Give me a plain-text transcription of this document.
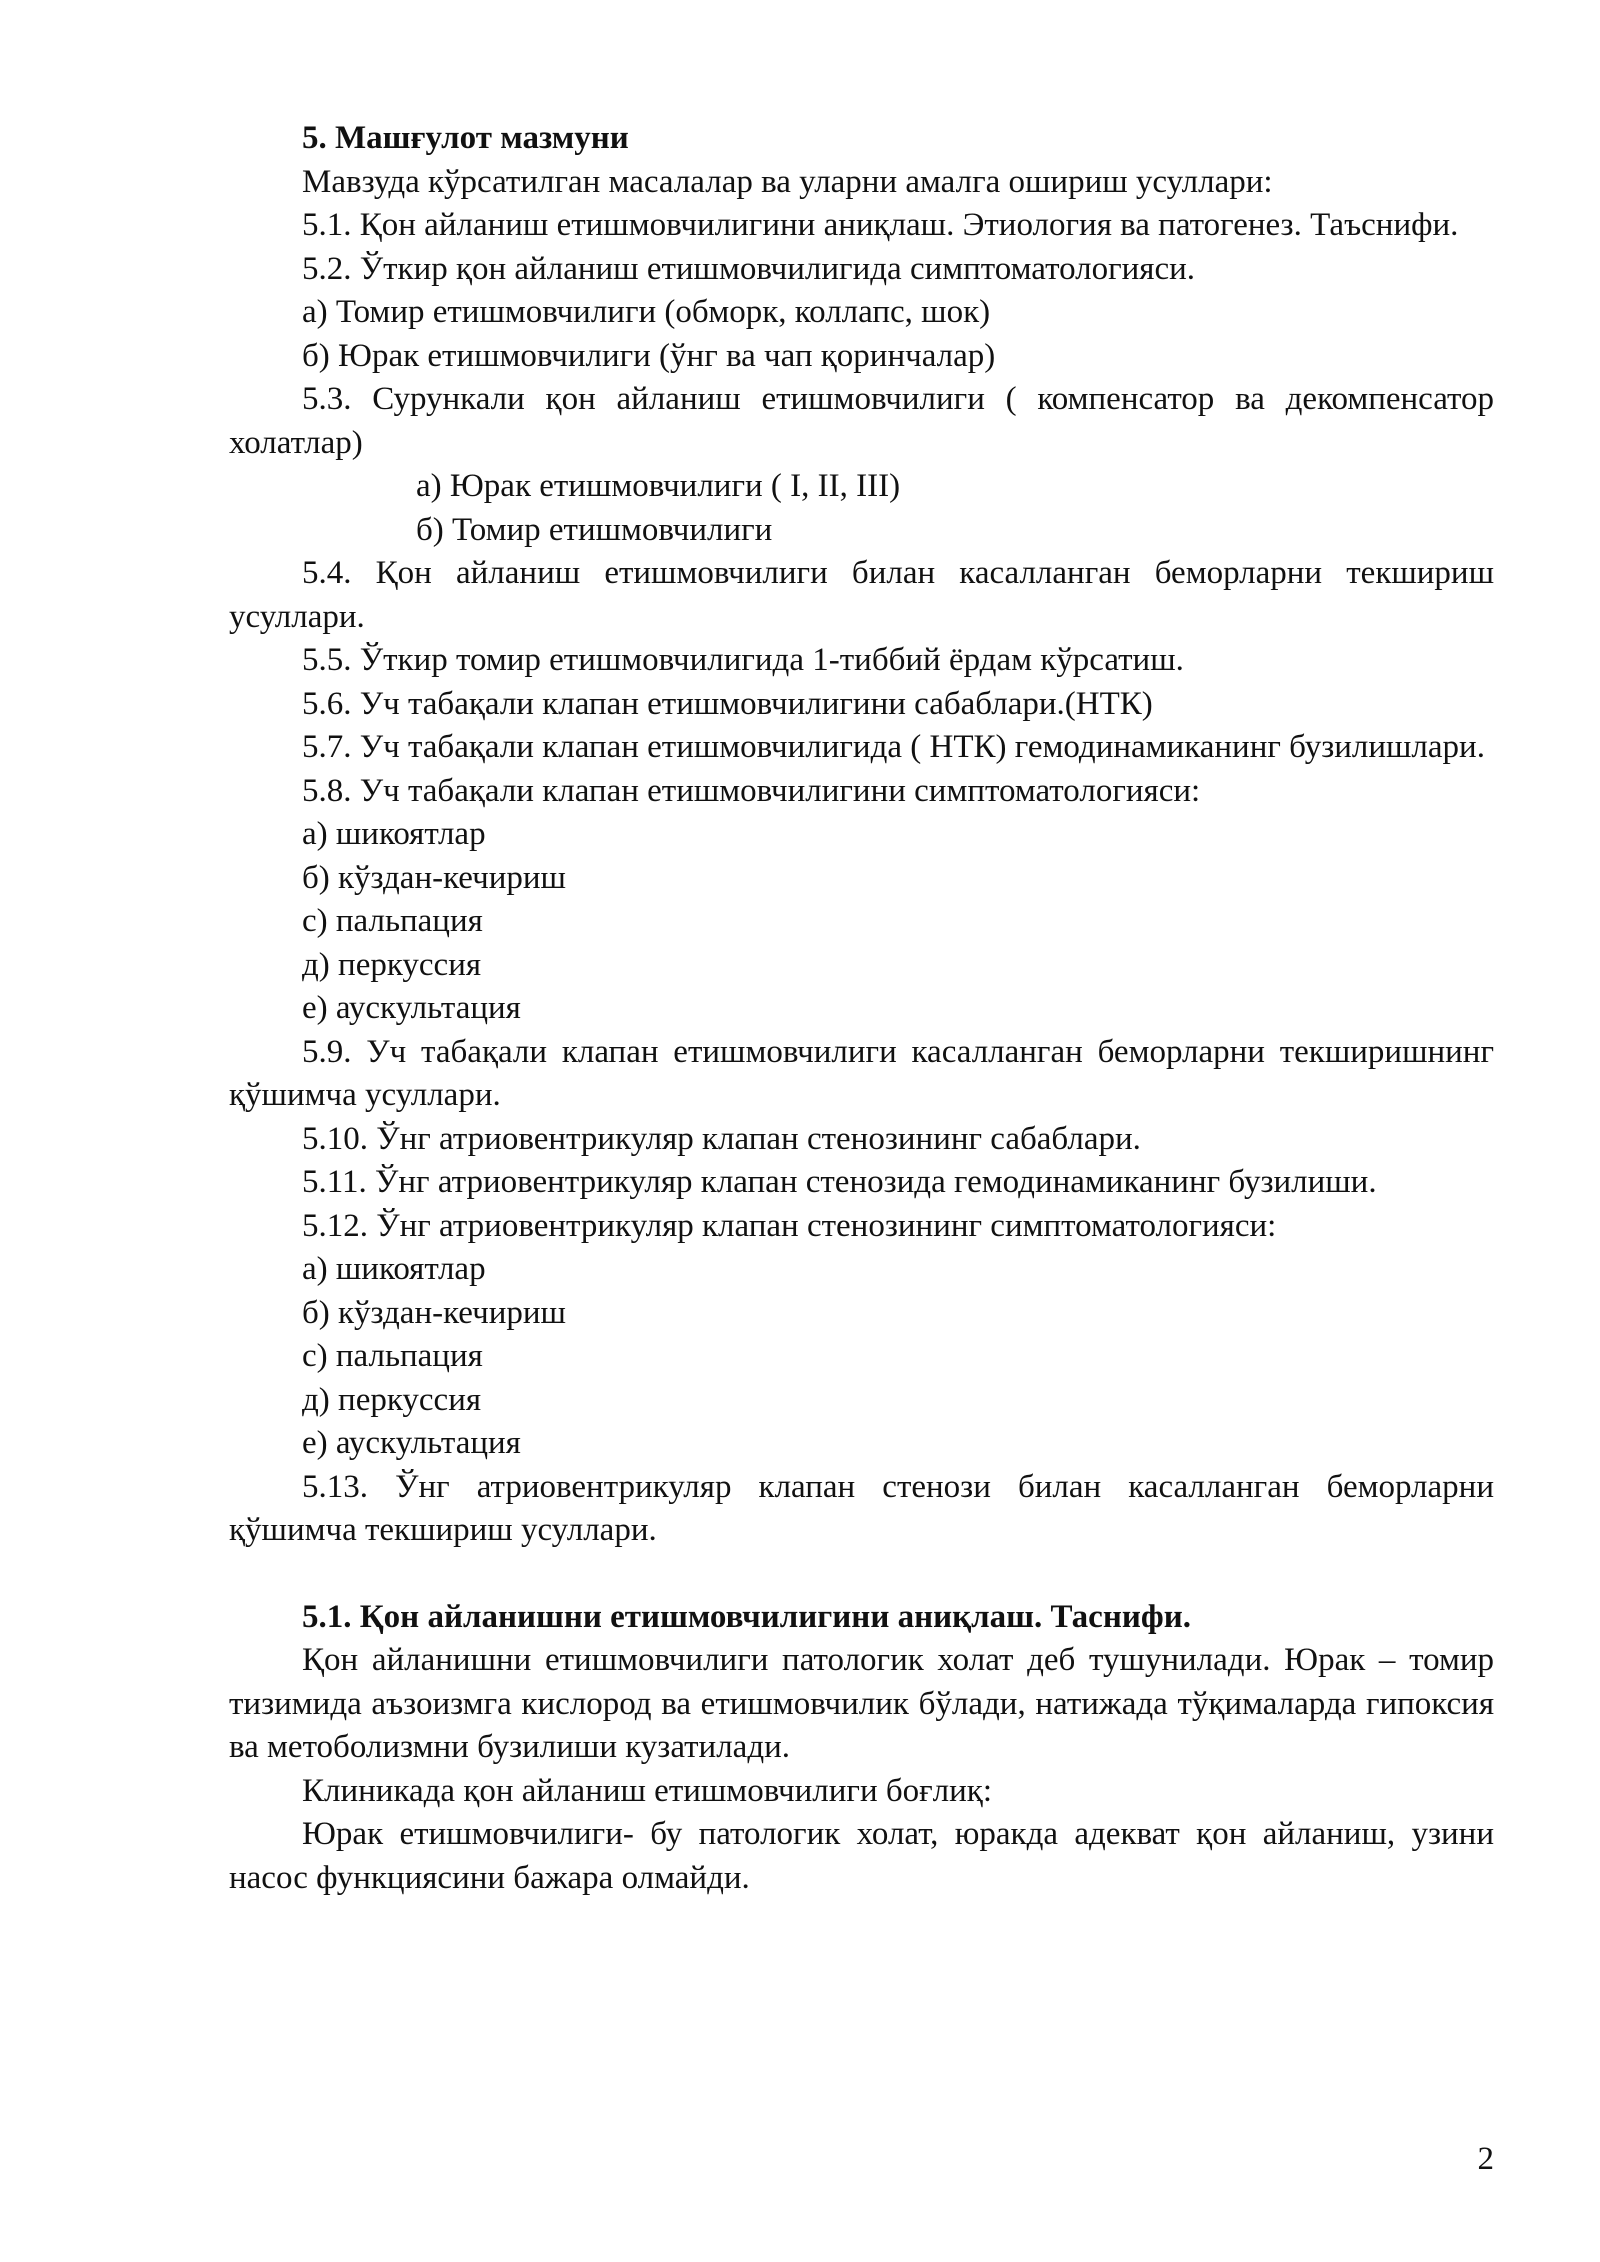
5. Машғулот мазмуни

Мавзуда кўрсатилган масалалар ва уларни амалга ошириш усуллари:

5.1. Қон айланиш етишмовчилигини аниқлаш. Этиология ва патогенез. Таъснифи.

5.2. Ўткир қон айланиш етишмовчилигида симптоматологияси.

а) Томир етишмовчилиги (обморк, коллапс, шок)

б) Юрак етишмовчилиги (ўнг ва чап қоринчалар)

5.3. Сурункали қон айланиш етишмовчилиги ( компенсатор ва декомпенсатор холатлар)

а) Юрак етишмовчилиги ( I, II, III)

б) Томир етишмовчилиги

5.4. Қон айланиш етишмовчилиги билан касалланган беморларни текшириш усуллари.

5.5. Ўткир томир етишмовчилигида 1-тиббий ёрдам кўрсатиш.

5.6. Уч табақали клапан етишмовчилигини сабаблари.(НТК)

5.7. Уч табақали клапан етишмовчилигида ( НТК) гемодинамиканинг бузилишлари.

5.8. Уч табақали клапан етишмовчилигини симптоматологияси:

а) шикоятлар

б) кўздан-кечириш

с) пальпация

д) перкуссия

е) аускультация

5.9. Уч табақали клапан етишмовчилиги касалланган беморларни текширишнинг қўшимча усуллари.

5.10. Ўнг атриовентрикуляр клапан стенозининг сабаблари.

5.11. Ўнг атриовентрикуляр клапан стенозида гемодинамиканинг бузилиши.

5.12. Ўнг атриовентрикуляр клапан стенозининг симптоматологияси:

а) шикоятлар

б) кўздан-кечириш

с) пальпация

д) перкуссия

е) аускультация

5.13. Ўнг атриовентрикуляр клапан стенози билан касалланган беморларни қўшимча текшириш усуллари.

5.1. Қон айланишни етишмовчилигини аниқлаш. Таснифи.

Қон айланишни етишмовчилиги патологик холат деб тушунилади. Юрак – томир тизимида аъзоизмга кислород ва етишмовчилик бўлади, натижада тўқималарда гипоксия ва метоболизмни бузилиши кузатилади.

Клиникада қон айланиш етишмовчилиги боғлиқ:

Юрак етишмовчилиги- бу патологик холат, юракда адекват қон айланиш, узини насос функциясини бажара олмайди.

2
